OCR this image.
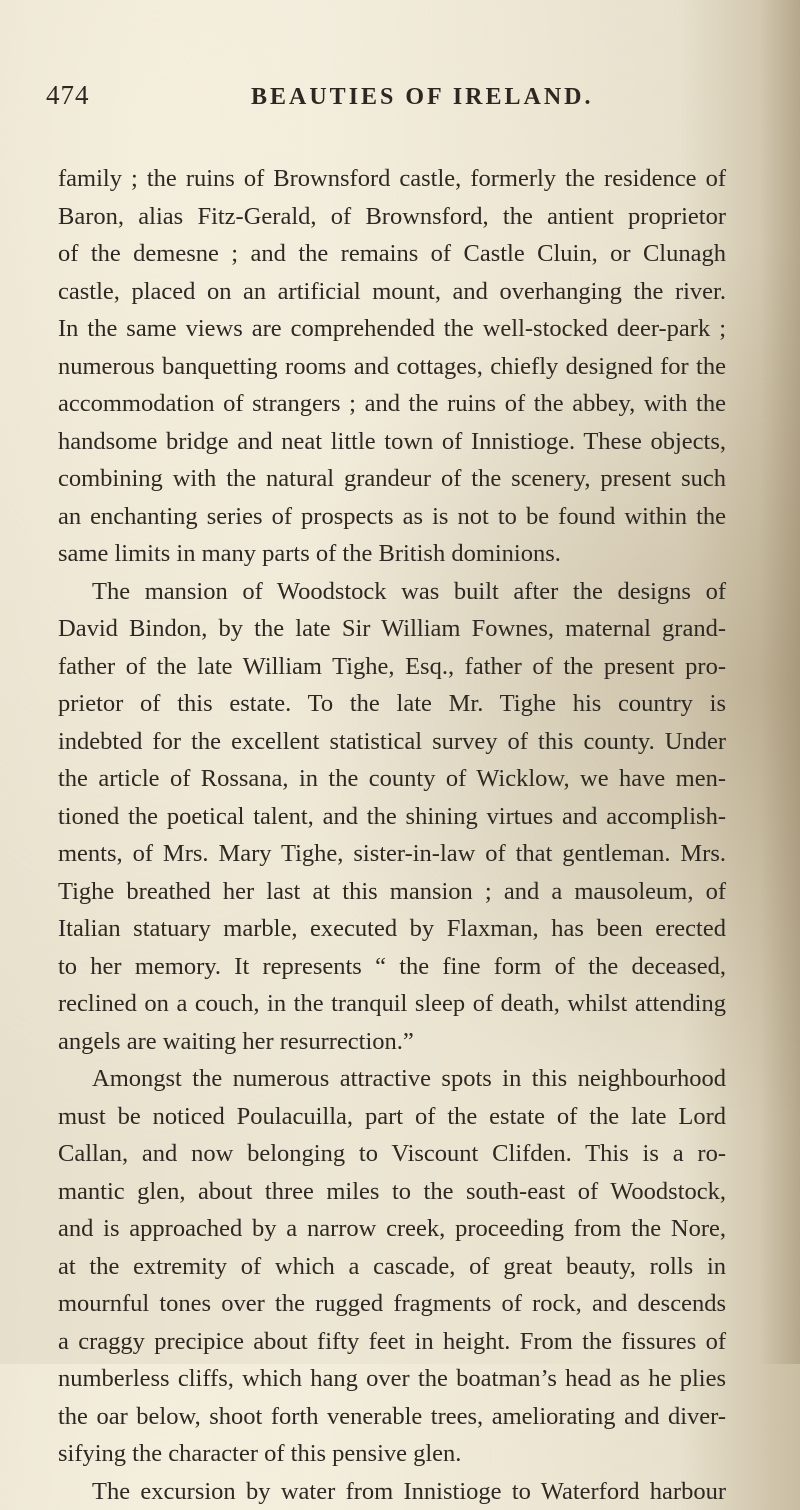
474	BEAUTIES OF IRELAND.

family ; the ruins of Brownsford castle, formerly the residence of
Baron, alias Fitz-Gerald, of Brownsford, the antient proprietor
of the demesne ; and the remains of Castle Cluin, or Clunagh
castle, placed on an artificial mount, and overhanging the river.
In the same views are comprehended the well-stocked deer-park ;
numerous banquetting rooms and cottages, chiefly designed for the
accommodation of strangers ; and the ruins of the abbey, with the
handsome bridge and neat little town of Innistioge. These objects,
combining with the natural grandeur of the scenery, present such
an enchanting series of prospects as is not to be found within the
same limits in many parts of the British dominions.

The mansion of Woodstock was built after the designs of
David Bindon, by the late Sir William Fownes, maternal grand-
father of the late William Tighe, Esq., father of the present pro-
prietor of this estate. To the late Mr. Tighe his country is
indebted for the excellent statistical survey of this county. Under
the article of Rossana, in the county of Wicklow, we have men-
tioned the poetical talent, and the shining virtues and accomplish-
ments, of Mrs. Mary Tighe, sister-in-law of that gentleman. Mrs.
Tighe breathed her last at this mansion ; and a mausoleum, of
Italian statuary marble, executed by Flaxman, has been erected
to her memory. It represents “ the fine form of the deceased,
reclined on a couch, in the tranquil sleep of death, whilst attending
angels are waiting her resurrection.”

Amongst the numerous attractive spots in this neighbourhood
must be noticed Poulacuilla, part of the estate of the late Lord
Callan, and now belonging to Viscount Clifden. This is a ro-
mantic glen, about three miles to the south-east of Woodstock,
and is approached by a narrow creek, proceeding from the Nore,
at the extremity of which a cascade, of great beauty, rolls in
mournful tones over the rugged fragments of rock, and descends
a craggy precipice about fifty feet in height. From the fissures of
numberless cliffs, which hang over the boatman’s head as he plies
the oar below, shoot forth venerable trees, ameliorating and diver-
sifying the character of this pensive glen.

The excursion by water from Innistioge to Waterford harbour
